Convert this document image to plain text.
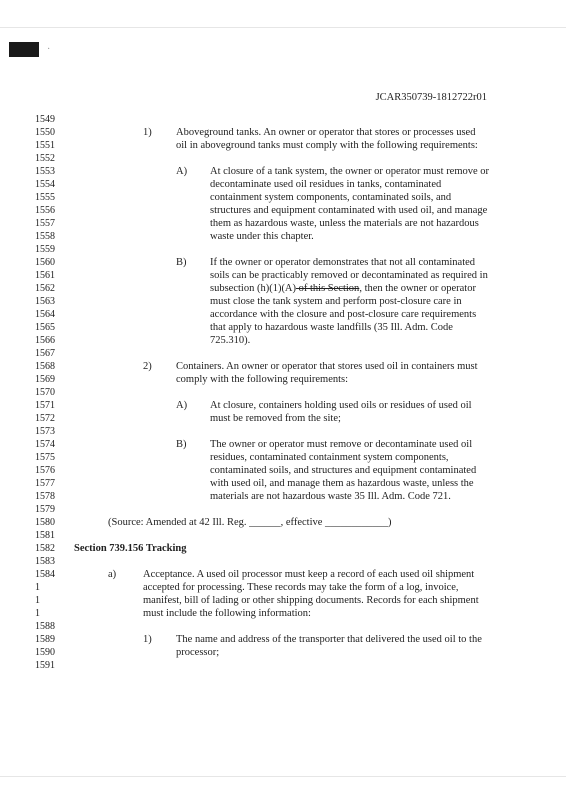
·
JCAR350739-1812722r01
1549
1550
1551
1552
1553
1554
1555
1556
1557
1558
1559
1560
1561
1562
1563
1564
1565
1566
1567
1568
1569
1570
1571
1572
1573
1574
1575
1576
1577
1578
1579
1580
1581
1582
1583
1584
1
1
1
1588
1589
1590
1591
1) Aboveground tanks. An owner or operator that stores or processes used
oil in aboveground tanks must comply with the following requirements:
A) At closure of a tank system, the owner or operator must remove or
decontaminate used oil residues in tanks, contaminated
containment system components, contaminated soils, and
structures and equipment contaminated with used oil, and manage
them as hazardous waste, unless the materials are not hazardous
waste under this chapter.
B) If the owner or operator demonstrates that not all contaminated
soils can be practicably removed or decontaminated as required in
subsection (h)(1)(A) of this Section, then the owner or operator
must close the tank system and perform post-closure care in
accordance with the closure and post-closure care requirements
that apply to hazardous waste landfills (35 Ill. Adm. Code
725.310).
2) Containers. An owner or operator that stores used oil in containers must
comply with the following requirements:
A) At closure, containers holding used oils or residues of used oil
must be removed from the site;
B) The owner or operator must remove or decontaminate used oil
residues, contaminated containment system components,
contaminated soils, and structures and equipment contaminated
with used oil, and manage them as hazardous waste, unless the
materials are not hazardous waste 35 Ill. Adm. Code 721.
(Source: Amended at 42 Ill. Reg. ______, effective ____________)
Section 739.156 Tracking
a)	Acceptance. A used oil processor must keep a record of each used oil shipment
accepted for processing. These records may take the form of a log, invoice,
manifest, bill of lading or other shipping documents. Records for each shipment
must include the following information:
1) The name and address of the transporter that delivered the used oil to the
processor;
